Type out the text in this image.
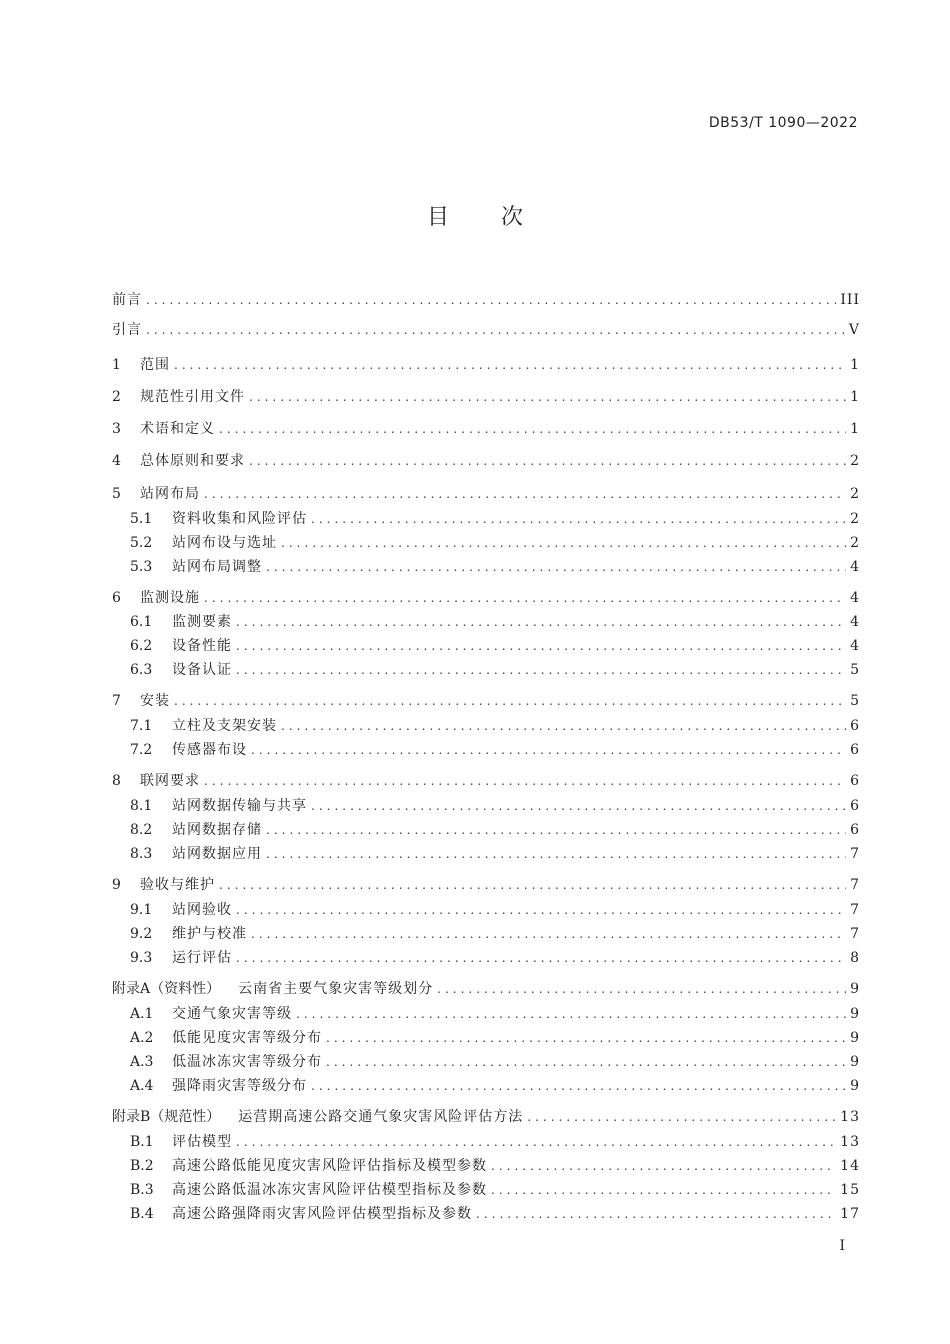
DB53/T 1090—2022
目次
前言 .....	III
引言 .....	V
1	范围 .....	1
2	规范性引用文件 .....	1
3	术语和定义 .....	1
4	总体原则和要求 .....	2
5	站网布局 .....	2
5.1	资料收集和风险评估 .....	2
5.2	站网布设与选址 .....	2
5.3	站网布局调整 .....	4
6	监测设施 .....	4
6.1	监测要素 .....	4
6.2	设备性能 .....	4
6.3	设备认证 .....	5
7	安装 .....	5
7.1	立柱及支架安装 .....	6
7.2	传感器布设 .....	6
8	联网要求 .....	6
8.1	站网数据传输与共享 .....	6
8.2	站网数据存储 .....	6
8.3	站网数据应用 .....	7
9	验收与维护 .....	7
9.1	站网验收 .....	7
9.2	维护与校准 .....	7
9.3	运行评估 .....	8
附录A（资料性） 云南省主要气象灾害等级划分 .....	9
A.1	交通气象灾害等级 .....	9
A.2	低能见度灾害等级分布 .....	9
A.3	低温冰冻灾害等级分布 .....	9
A.4	强降雨灾害等级分布 .....	9
附录B（规范性） 运营期高速公路交通气象灾害风险评估方法 .....	13
B.1	评估模型 .....	13
B.2	高速公路低能见度灾害风险评估指标及模型参数 .....	14
B.3	高速公路低温冰冻灾害风险评估模型指标及参数 .....	15
B.4	高速公路强降雨灾害风险评估模型指标及参数 .....	17
I
